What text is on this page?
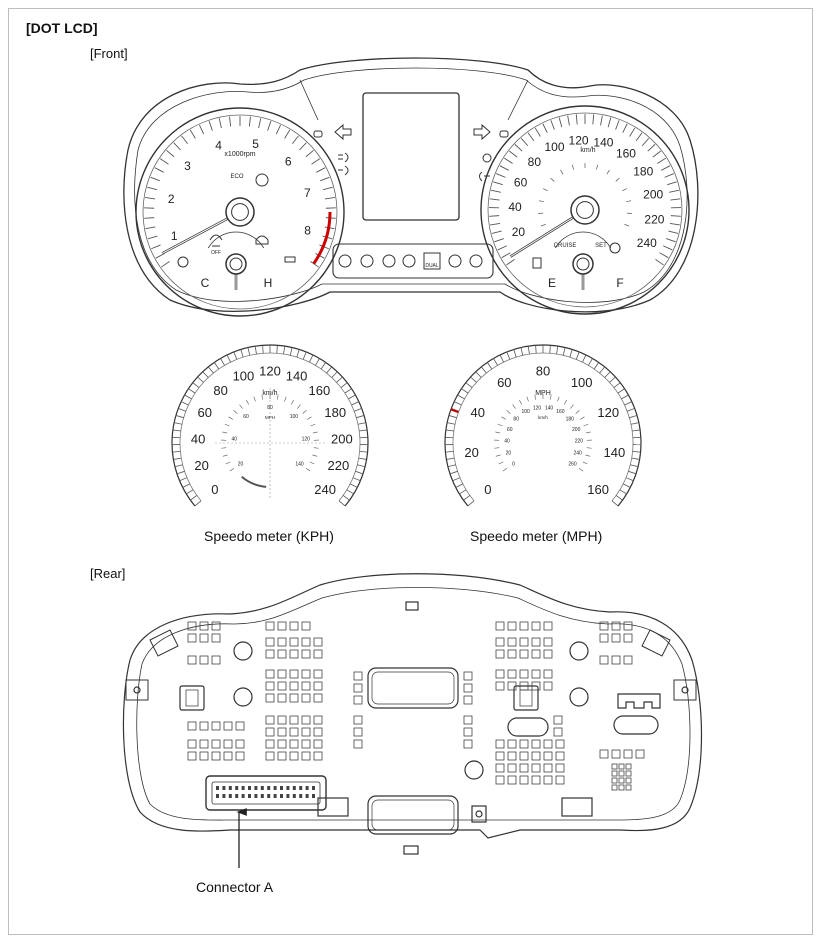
[DOT LCD]
[Front]
[Rear]
Speedo meter (KPH)	Speedo meter (MPH)
Connector A
DUAL
1
2
3
4	5
6
7
8
x1000rpm
ECO
OFF
C	H
20
40
60
80
100 120 140
160
180
200
220
240
km/h
CRUISE	SET
E	F
0
20
40
60
80
100 120 140
160
180
200
220
240
km/h
20
40
60
80
100
120
140
MPH
0
20
40
60
80
100
120
140
160
MPH
0
20
40
60
80
100
120 140
160
180
200
220
240
260
km/h
